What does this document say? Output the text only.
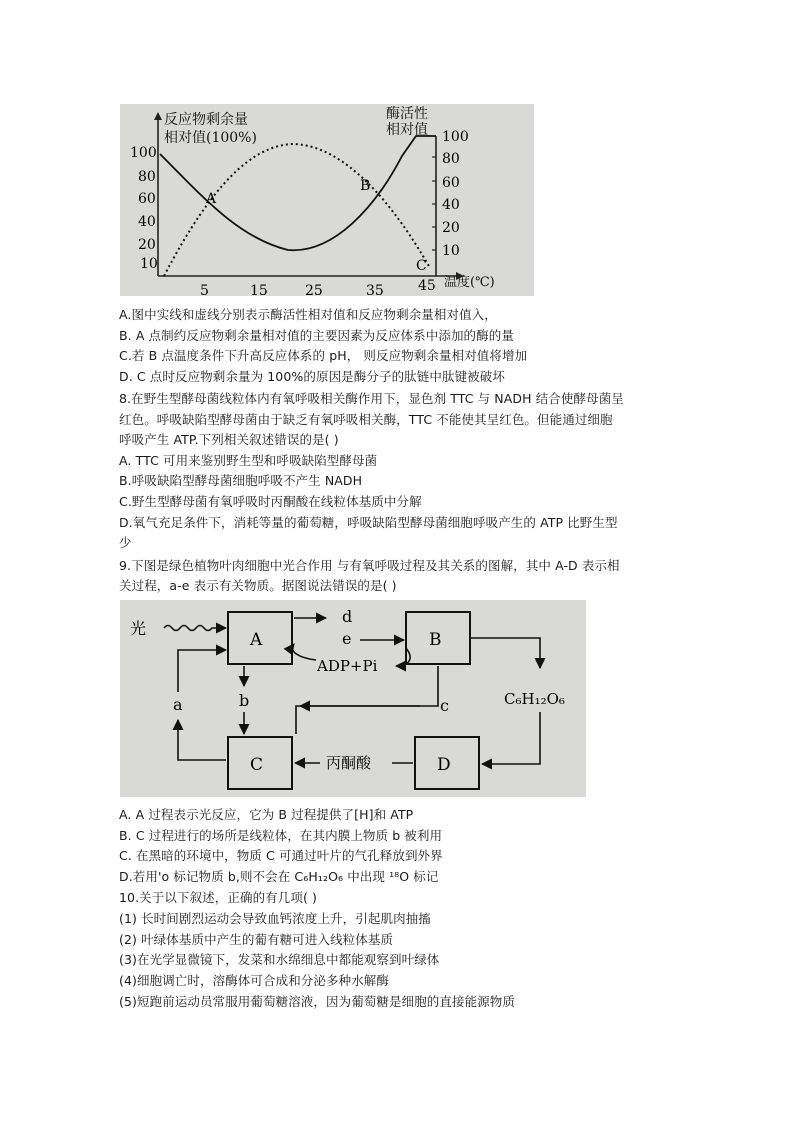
反应物剩余量
相对值(100%)
酶活性
相对值
温度(℃)
100
80
60
40
20
10
100
80
60
40
20
10
5	15	25	35 45
A
B
C
A.图中实线和虚线分别表示酶活性相对值和反应物剩余量相对值入，
B. A 点制约反应物剩余量相对值的主要因素为反应体系中添加的酶的量
C.若 B 点温度条件下升高反应体系的 pH， 则反应物剩余量相对值将增加
D. C 点时反应物剩余量为 100%的原因是酶分子的肽链中肽键被破坏
8.在野生型酵母菌线粒体内有氧呼吸相关酶作用下，显色剂 TTC 与 NADH 结合使酵母菌呈
红色。呼吸缺陷型酵母菌由于缺乏有氧呼吸相关酶，TTC 不能使其呈红色。但能通过细胞
呼吸产生 ATP.下列相关叙述错误的是( )
A. TTC 可用来鉴别野生型和呼吸缺陷型酵母菌
B.呼吸缺陷型酵母菌细胞呼吸不产生 NADH
C.野生型酵母菌有氧呼吸时丙酮酸在线粒体基质中分解
D.氧气充足条件下，消耗等量的葡萄糖，呼吸缺陷型酵母菌细胞呼吸产生的 ATP 比野生型
少
9.下图是绿色植物叶肉细胞中光合作用 与有氧呼吸过程及其关系的图解，其中 A-D 表示相
关过程，a-e 表示有关物质。据图说法错误的是( )
A	B
C	D
光
d
e
ADP+Pi
C₆H₁₂O₆
丙酮酸
b
a	c
A. A 过程表示光反应，它为 B 过程提供了[H]和 ATP
B. C 过程进行的场所是线粒体，在其内膜上物质 b 被利用
C. 在黑暗的环境中，物质 C 可通过叶片的气孔释放到外界
D.若用'o 标记物质 b,则不会在 C₆H₁₂O₆ 中出现 ¹⁸O 标记
10.关于以下叙述，正确的有几项( )
(1) 长时间剧烈运动会导致血钙浓度上升，引起肌肉抽搐
(2) 叶绿体基质中产生的葡有糖可进入线粒体基质
(3)在光学显微镜下，发菜和水绵细息中都能观察到叶绿体
(4)细胞调亡时，溶酶体可合成和分泌多种水解酶
(5)短跑前运动员常服用葡萄糖溶液，因为葡萄糖是细胞的直接能源物质
